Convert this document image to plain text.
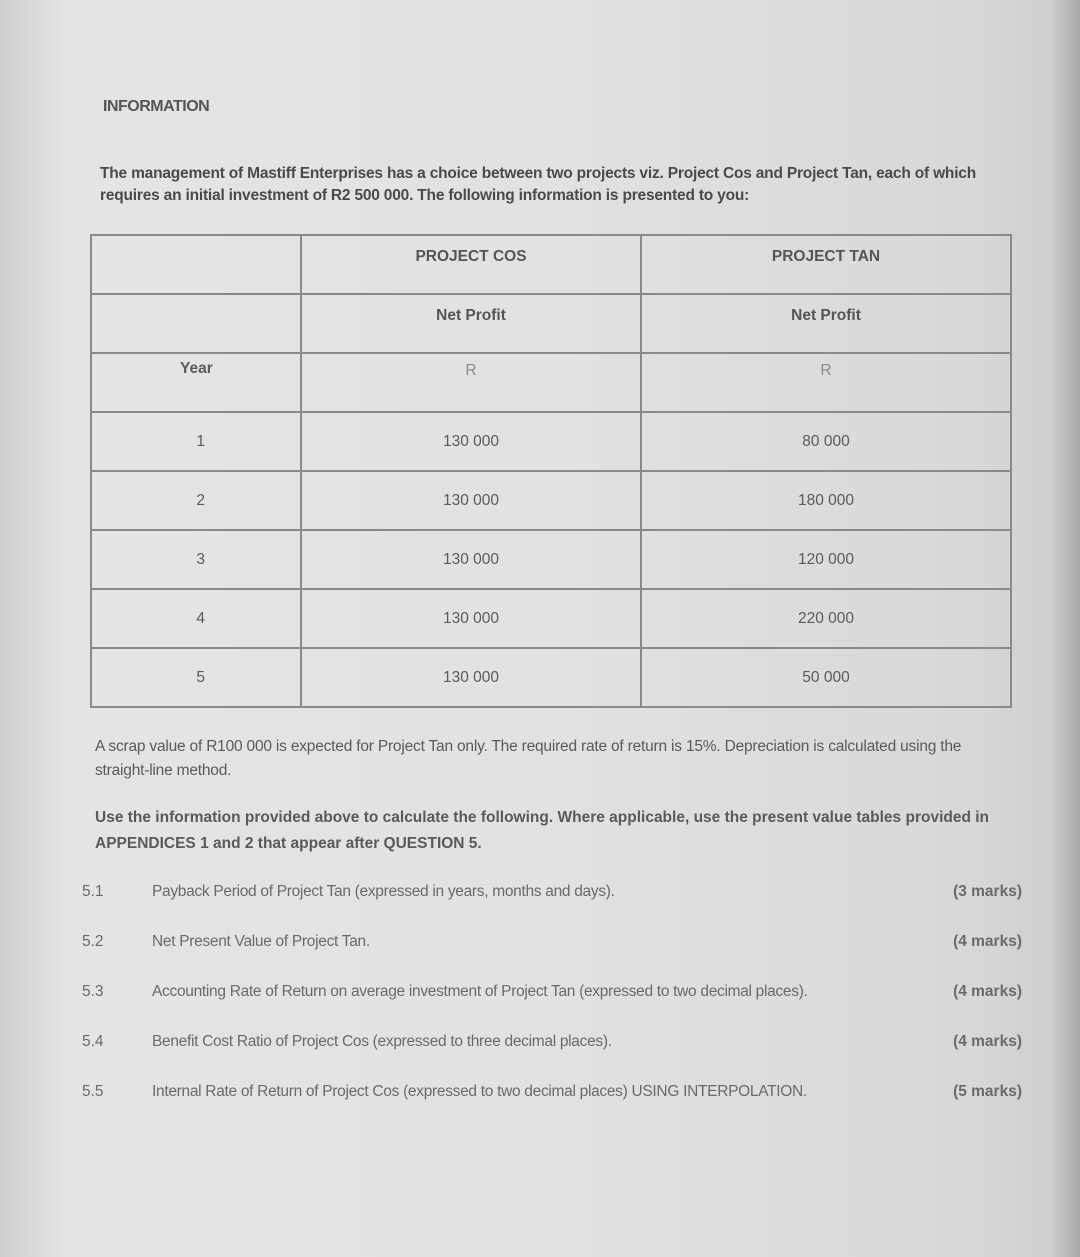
INFORMATION
The management of Mastiff Enterprises has a choice between two projects viz. Project Cos and Project Tan, each of which requires an initial investment of R2 500 000. The following information is presented to you:
	PROJECT COS	PROJECT TAN
	Net Profit	Net Profit
Year	R	R
1	130 000	80 000
2	130 000	180 000
3	130 000	120 000
4	130 000	220 000
5	130 000	50 000
A scrap value of R100 000 is expected for Project Tan only. The required rate of return is 15%. Depreciation is calculated using the straight-line method.
Use the information provided above to calculate the following. Where applicable, use the present value tables provided in APPENDICES 1 and 2 that appear after QUESTION 5.
5.1	Payback Period of Project Tan (expressed in years, months and days).	(3 marks)
5.2	Net Present Value of Project Tan.	(4 marks)
5.3	Accounting Rate of Return on average investment of Project Tan (expressed to two decimal places).	(4 marks)
5.4	Benefit Cost Ratio of Project Cos (expressed to three decimal places).	(4 marks)
5.5	Internal Rate of Return of Project Cos (expressed to two decimal places) USING INTERPOLATION.	(5 marks)
